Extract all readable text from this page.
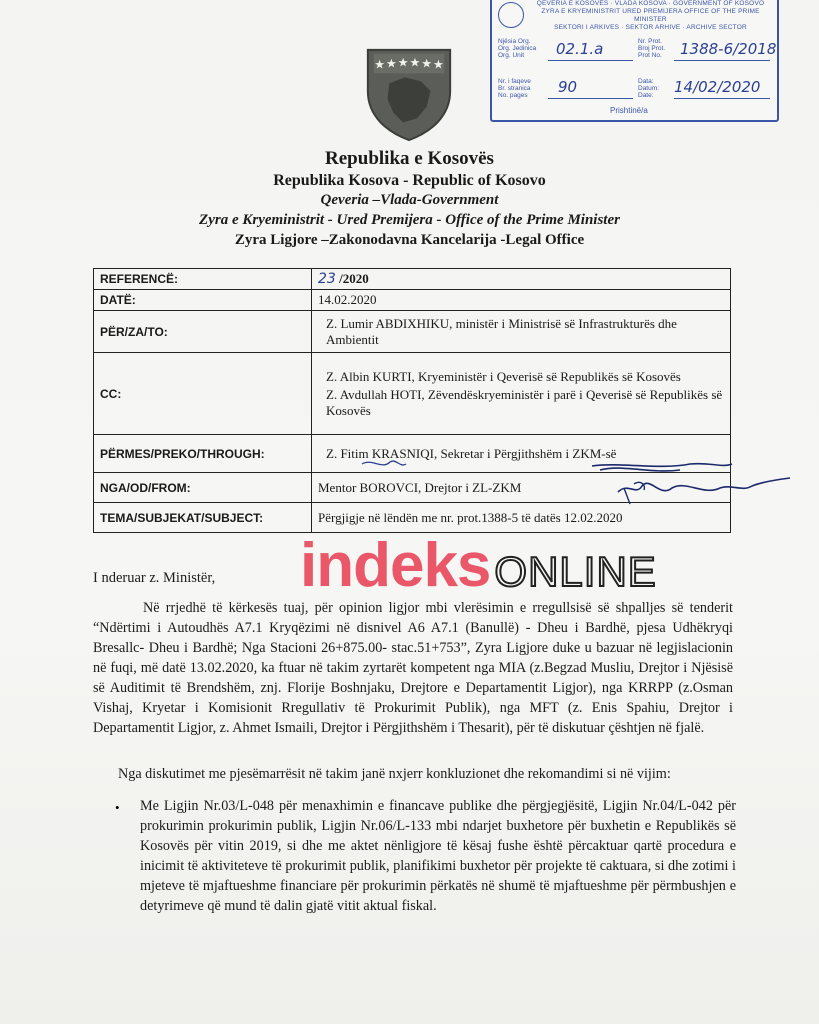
QEVERIA E KOSOVËS · VLADA KOSOVA · GOVERNMENT OF KOSOVO
ZYRA E KRYEMINISTRIT URED PREMIJERA OFFICE OF THE PRIME MINISTER
SEKTORI I ARKIVES · SEKTOR ARHIVE · ARCHIVE SECTOR
Njësia Org.
Org. Jedinica
Org. Unit	02.1.a	Nr. Prot.
Broj Prot.
Prot No. 1388-6/2018
Nr. i faqeve
Br. stranica
No. pages 90	Data:
Datum:
Date:	14/02/2020
Prishtinë/a
Republika e Kosovës
Republika Kosova - Republic of Kosovo
Qeveria –Vlada-Government
Zyra e Kryeministrit - Ured Premijera - Office of the Prime Minister
Zyra Ligjore –Zakonodavna Kancelarija -Legal Office
REFERENCË:	23 /2020
DATË:	14.02.2020
PËR/ZA/TO:	Z. Lumir ABDIXHIKU, ministër i Ministrisë së Infrastrukturës dhe Ambientit
CC:	Z. Albin KURTI, Kryeministër i Qeverisë së Republikës së Kosovës
Z. Avdullah HOTI, Zëvendëskryeministër i parë i Qeverisë së Republikës së Kosovës

PËRMES/PREKO/THROUGH:	Z. Fitim KRASNIQI, Sekretar i Përgjithshëm i ZKM-së
NGA/OD/FROM:	Mentor BOROVCI, Drejtor i ZL-ZKM
TEMA/SUBJEKAT/SUBJECT:	Përgjigje në lëndën me nr. prot.1388-5 të datës 12.02.2020
indeks ONLINE
I nderuar z. Ministër,
Në rrjedhë të kërkesës tuaj, për opinion ligjor mbi vlerësimin e rregullsisë së shpalljes së tenderit “Ndërtimi i Autoudhës A7.1 Kryqëzimi në disnivel A6 A7.1 (Banullë) - Dheu i Bardhë, pjesa Udhëkryqi Bresallc- Dheu i Bardhë; Nga Stacioni 26+875.00- stac.51+753”, Zyra Ligjore duke u bazuar në legjislacionin në fuqi, më datë 13.02.2020, ka ftuar në takim zyrtarët kompetent nga MIA (z.Begzad Musliu, Drejtor i Njësisë së Auditimit të Brendshëm, znj. Florije Boshnjaku, Drejtore e Departamentit Ligjor), nga KRRPP (z.Osman Vishaj, Kryetar i Komisionit Rregullativ të Prokurimit Publik), nga MFT (z. Enis Spahiu, Drejtor i Departamentit Ligjor, z. Ahmet Ismaili, Drejtor i Përgjithshëm i Thesarit), për të diskutuar çështjen në fjalë.
Nga diskutimet me pjesëmarrësit në takim janë nxjerr konkluzionet dhe rekomandimi si në vijim:
• Me Ligjin Nr.03/L-048 për menaxhimin e financave publike dhe përgjegjësitë, Ligjin Nr.04/L-042 për prokurimin prokurimin publik, Ligjin Nr.06/L-133 mbi ndarjet buxhetore për buxhetin e Republikës së Kosovës për vitin 2019, si dhe me aktet nënligjore të kësaj fushe është përcaktuar qartë procedura e inicimit të aktiviteteve të prokurimit publik, planifikimi buxhetor për projekte të caktuara, si dhe zotimi i mjeteve të mjaftueshme financiare për prokurimin përkatës në shumë të mjaftueshme për përmbushjen e detyrimeve që mund të dalin gjatë vitit aktual fiskal.
